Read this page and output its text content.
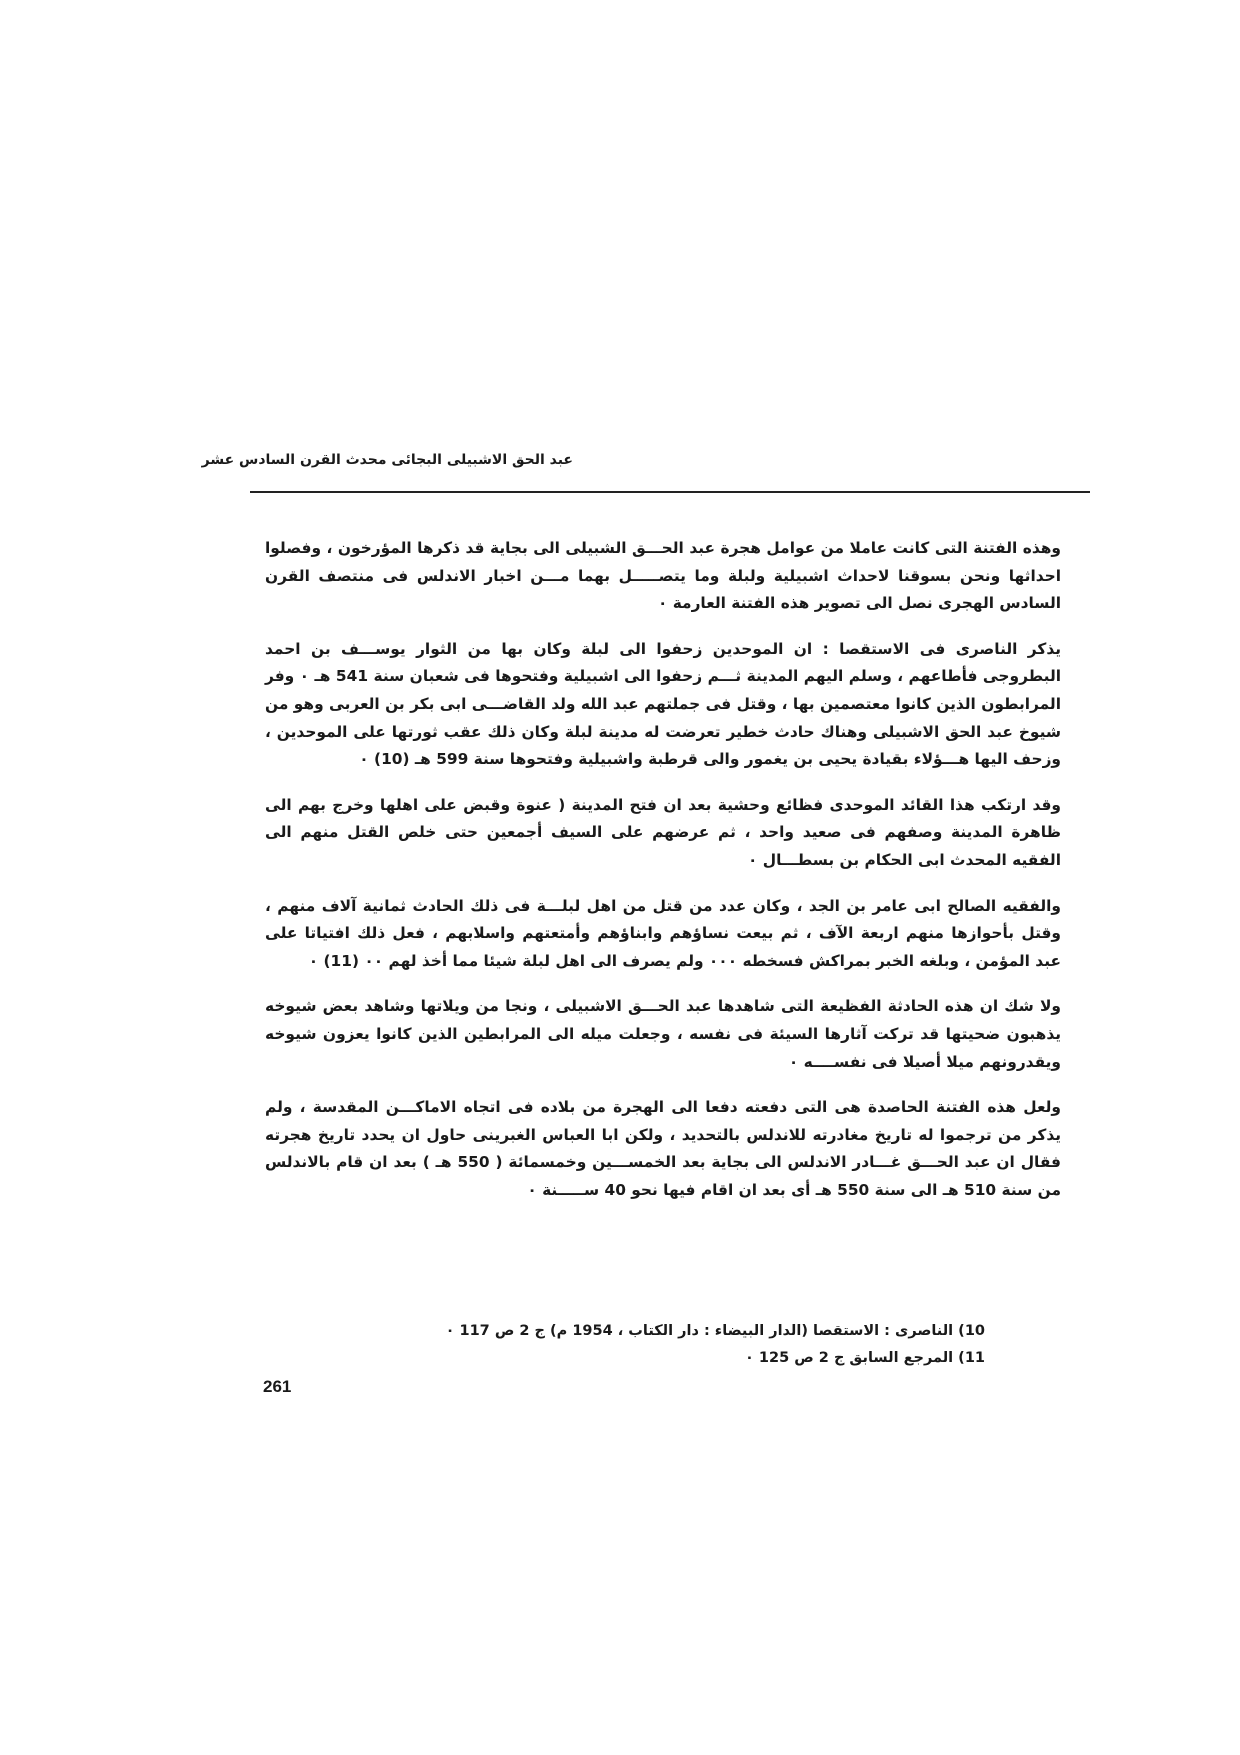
عبد الحق الاشبيلى البجائى محدث القرن السادس عشر

وهذه الفتنة التى كانت عاملا من عوامل هجرة عبد الحـــق الشبيلى الى بجاية قد ذكرها المؤرخون ، وفصلوا احداثها ونحن بسوقنا لاحداث اشبيلية ولبلة وما يتصـــــل بهما مـــن اخبار الاندلس فى منتصف القرن السادس الهجرى نصل الى تصوير هذه الفتنة العارمة ٠

يذكر الناصرى فى الاستقصا : ان الموحدين زحفوا الى لبلة وكان بها من الثوار يوســـف بن احمد البطروجى فأطاعهم ، وسلم اليهم المدينة ثـــم زحفوا الى اشبيلية وفتحوها فى شعبان سنة 541 هـ ٠ وفر المرابطون الذين كانوا معتصمين بها ، وقتل فى جملتهم عبد الله ولد القاضـــى ابى بكر بن العربى وهو من شيوخ عبد الحق الاشبيلى وهناك حادث خطير تعرضت له مدينة لبلة وكان ذلك عقب ثورتها على الموحدين ، وزحف اليها هـــؤلاء بقيادة يحيى بن يغمور والى قرطبة واشبيلية وفتحوها سنة 599 هـ (10) ٠

وقد ارتكب هذا القائد الموحدى فظائع وحشية بعد ان فتح المدينة ( عنوة وقبض على اهلها وخرج بهم الى ظاهرة المدينة وصفهم فى صعيد واحد ، ثم عرضهم على السيف أجمعين حتى خلص القتل منهم الى الفقيه المحدث ابى الحكام بن بسطـــال ٠

والفقيه الصالح ابى عامر بن الجد ، وكان عدد من قتل من اهل لبلـــة فى ذلك الحادث ثمانية آلاف منهم ، وقتل بأحوازها منهم اربعة الآف ، ثم بيعت نساؤهم وابناؤهم وأمتعتهم واسلابهم ، فعل ذلك افتياتا على عبد المؤمن ، وبلغه الخبر بمراكش فسخطه ٠٠٠ ولم يصرف الى اهل لبلة شيئا مما أخذ لهم ٠٠ (11) ٠

ولا شك ان هذه الحادثة الفظيعة التى شاهدها عبد الحـــق الاشبيلى ، ونجا من ويلاتها وشاهد بعض شيوخه يذهبون ضحيتها قد تركت آثارها السيئة فى نفسه ، وجعلت ميله الى المرابطين الذين كانوا يعزون شيوخه ويقدرونهم ميلا أصيلا فى نفســــه ٠

ولعل هذه الفتنة الحاصدة هى التى دفعته دفعا الى الهجرة من بلاده فى اتجاه الاماكـــن المقدسة ، ولم يذكر من ترجموا له تاريخ مغادرته للاندلس بالتحديد ، ولكن ابا العباس الغبرينى حاول ان يحدد تاريخ هجرته فقال ان عبد الحـــق غـــادر الاندلس الى بجاية بعد الخمســـين وخمسمائة ( 550 هـ ) بعد ان قام بالاندلس من سنة 510 هـ الى سنة 550 هـ أى بعد ان اقام فيها نحو 40 ســـــنة ٠

10) الناصرى : الاستقصا (الدار البيضاء : دار الكتاب ، 1954 م) ج 2 ص 117 ٠
11) المرجع السابق ج 2 ص 125 ٠
261
